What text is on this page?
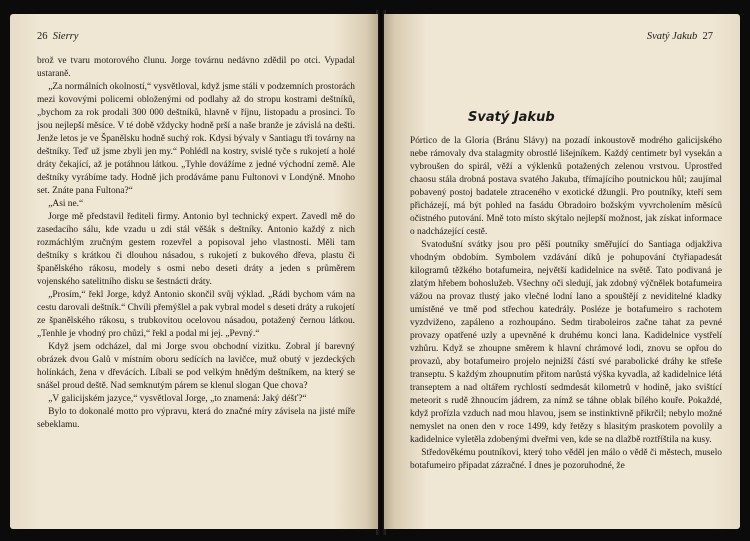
26 Sierry

brož ve tvaru motorového člunu. Jorge továrnu nedávno zdědil po otci. Vypadal ustaraně.

„Za normálních okolností,“ vysvětloval, když jsme stáli v podzemních prostorách mezi kovovými policemi obloženými od podlahy až do stropu kostrami deštníků, „bychom za rok prodali 300 000 deštníků, hlavně v říjnu, listopadu a prosinci. To jsou nejlepší měsíce. V té době vždycky hodně prší a naše branže je závislá na dešti. Jenže letos je ve Španělsku hodně suchý rok. Kdysi bývaly v Santiagu tři továrny na deštníky. Teď už jsme zbyli jen my.“ Pohlédl na kostry, svislé tyče s rukojetí a holé dráty čekající, až je potáhnou látkou. „Tyhle dovážíme z jedné východní země. Ale deštníky vyrábíme tady. Hodně jich prodáváme panu Fultonovi v Londýně. Mnoho set. Znáte pana Fultona?“

„Asi ne.“

Jorge mě představil řediteli firmy. Antonio byl technický expert. Zavedl mě do zasedacího sálu, kde vzadu u zdi stál věšák s deštníky. Antonio každý z nich rozmáchlým zručným gestem rozevřel a popisoval jeho vlastnosti. Měli tam deštníky s krátkou či dlouhou násadou, s rukojetí z bukového dřeva, plastu či španělského rákosu, modely s osmi nebo deseti dráty a jeden s průměrem vojenského satelitního disku se šestnácti dráty.

„Prosím,“ řekl Jorge, když Antonio skončil svůj výklad. „Rádi bychom vám na cestu darovali deštník.“ Chvíli přemýšlel a pak vybral model s deseti dráty a rukojetí ze španělského rákosu, s trubkovitou ocelovou násadou, potažený černou látkou. „Tenhle je vhodný pro chůzi,“ řekl a podal mi jej. „Pevný.“

Když jsem odcházel, dal mi Jorge svou obchodní vizitku. Zobral jí barevný obrázek dvou Galů v místním oboru sedících na lavičce, muž obutý v jezdeckých holínkách, žena v dřevácích. Líbali se pod velkým hnědým deštníkem, na který se snášel proud deště. Nad semknutým párem se klenul slogan Que chova?

„V galicijském jazyce,“ vysvětloval Jorge, „to znamená: Jaký déšť?“

Bylo to dokonalé motto pro výpravu, která do značné míry závisela na jisté míře sebeklamu.

Svatý Jakub 27
Svatý Jakub

Pórtico de la Gloria (Bránu Slávy) na pozadí inkoustově modrého galicijského nebe rámovaly dva stalagmity obrostlé lišejníkem. Každý centimetr byl vysekán a vybroušen do spirál, věží a výklenků potažených zelenou vrstvou. Uprostřed chaosu stála drobná postava svatého Jakuba, třímajícího poutnickou hůl; zaujímal pobavený postoj badatele ztraceného v exotické džungli. Pro poutníky, kteří sem přicházejí, má být pohled na fasádu Obradoiro božským vyvrcholením měsíců očistného putování. Mně toto místo skýtalo nejlepší možnost, jak získat informace o nadcházející cestě.

Svatodušní svátky jsou pro pěší poutníky směřující do Santiaga odjakživa vhodným obdobím. Symbolem vzdávání díků je pohupování čtyřiapadesát kilogramů těžkého botafumeira, největší kadidelnice na světě. Tato podivaná je zlatým hřebem bohoslužeb. Všechny oči sledují, jak zdobný výčnělek botafumeira vážou na provaz tlustý jako vlečné lodní lano a spouštějí z neviditelné kladky umístěné ve tmě pod střechou katedrály. Posléze je botafumeiro s rachotem vyzdviženo, zapáleno a rozhoupáno. Sedm tiraboleiros začne tahat za pevné provazy opatřené uzly a upevněné k druhému konci lana. Kadidelnice vystřelí vzhůru. Když se zhoupne směrem k hlavní chrámové lodi, znovu se opřou do provazů, aby botafumeiro projelo nejnižší částí své parabolické dráhy ke střeše transeptu. S každým zhoupnutím přitom narůstá výška kyvadla, až kadidelnice létá transeptem a nad oltářem rychlostí sedmdesát kilometrů v hodině, jako svištící meteorit s rudě žhnoucím jádrem, za nímž se táhne oblak bílého kouře. Pokaždé, když prořízla vzduch nad mou hlavou, jsem se instinktivně přikrčil; nebylo možné nemyslet na onen den v roce 1499, kdy řetězy s hlasitým praskotem povolily a kadidelnice vyletěla zdobenými dveřmi ven, kde se na dlažbě roztříštila na kusy.

Středověkému poutníkovi, který toho věděl jen málo o vědě či městech, muselo botafumeiro připadat zázračné. I dnes je pozoruhodné, že
